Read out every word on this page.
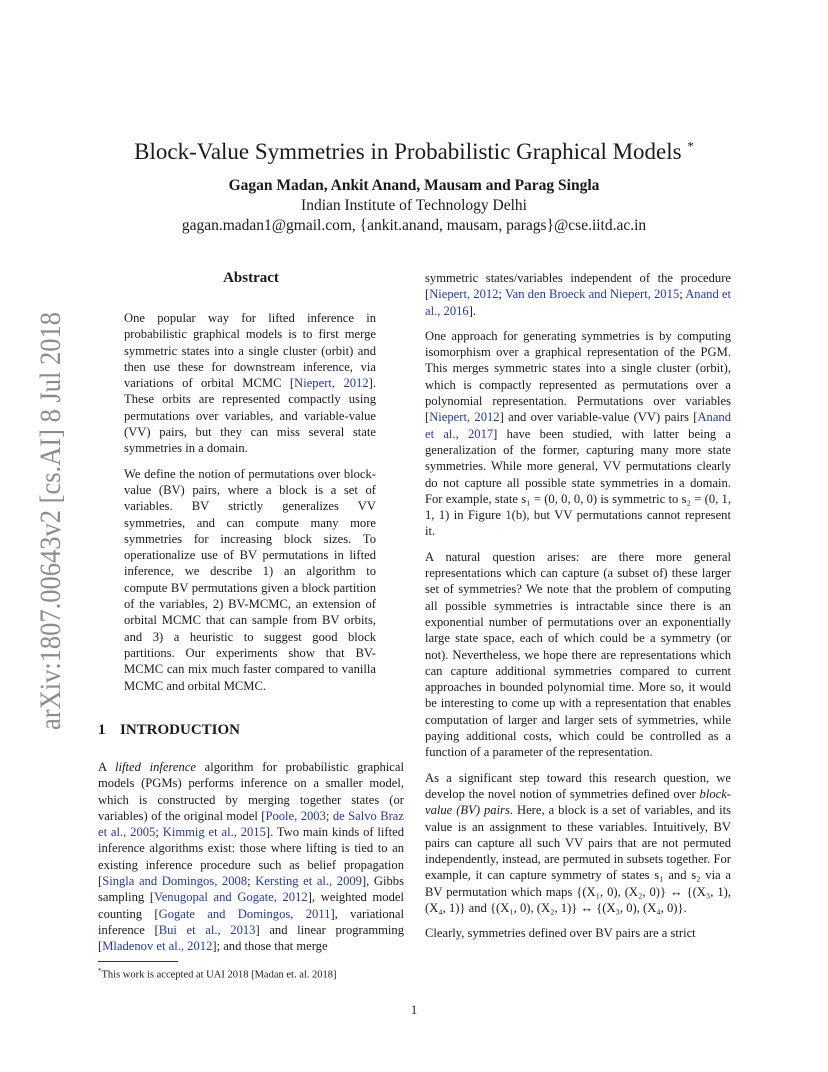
Block-Value Symmetries in Probabilistic Graphical Models *
Gagan Madan, Ankit Anand, Mausam and Parag Singla
Indian Institute of Technology Delhi
gagan.madan1@gmail.com, {ankit.anand, mausam, parags}@cse.iitd.ac.in
arXiv:1807.00643v2 [cs.AI] 8 Jul 2018	Abstract

One popular way for lifted inference in probabilistic graphical models is to first merge symmetric states into a single cluster (orbit) and then use these for downstream inference, via variations of orbital MCMC [Niepert, 2012]. These orbits are represented compactly using permutations over variables, and variable-value (VV) pairs, but they can miss several state symmetries in a domain.

We define the notion of permutations over block-value (BV) pairs, where a block is a set of variables. BV strictly generalizes VV symmetries, and can compute many more symmetries for increasing block sizes. To operationalize use of BV permutations in lifted inference, we describe 1) an algorithm to compute BV permutations given a block partition of the variables, 2) BV-MCMC, an extension of orbital MCMC that can sample from BV orbits, and 3) a heuristic to suggest good block partitions. Our experiments show that BV-MCMC can mix much faster compared to vanilla MCMC and orbital MCMC.

1 INTRODUCTION

A lifted inference algorithm for probabilistic graphical models (PGMs) performs inference on a smaller model, which is constructed by merging together states (or variables) of the original model [Poole, 2003; de Salvo Braz et al., 2005; Kimmig et al., 2015]. Two main kinds of lifted inference algorithms exist: those where lifting is tied to an existing inference procedure such as belief propagation [Singla and Domingos, 2008; Kersting et al., 2009], Gibbs sampling [Venugopal and Gogate, 2012], weighted model counting [Gogate and Domingos, 2011], variational inference [Bui et al., 2013] and linear programming [Mladenov et al., 2012]; and those that merge

symmetric states/variables independent of the procedure [Niepert, 2012; Van den Broeck and Niepert, 2015; Anand et al., 2016].

One approach for generating symmetries is by computing isomorphism over a graphical representation of the PGM. This merges symmetric states into a single cluster (orbit), which is compactly represented as permutations over a polynomial representation. Permutations over variables [Niepert, 2012] and over variable-value (VV) pairs [Anand et al., 2017] have been studied, with latter being a generalization of the former, capturing many more state symmetries. While more general, VV permutations clearly do not capture all possible state symmetries in a domain. For example, state s₁ = (0, 0, 0, 0) is symmetric to s₂ = (0, 1, 1, 1) in Figure 1(b), but VV permutations cannot represent it.

A natural question arises: are there more general representations which can capture (a subset of) these larger set of symmetries? We note that the problem of computing all possible symmetries is intractable since there is an exponential number of permutations over an exponentially large state space, each of which could be a symmetry (or not). Nevertheless, we hope there are representations which can capture additional symmetries compared to current approaches in bounded polynomial time. More so, it would be interesting to come up with a representation that enables computation of larger and larger sets of symmetries, while paying additional costs, which could be controlled as a function of a parameter of the representation.

As a significant step toward this research question, we develop the novel notion of symmetries defined over block-value (BV) pairs. Here, a block is a set of variables, and its value is an assignment to these variables. Intuitively, BV pairs can capture all such VV pairs that are not permuted independently, instead, are permuted in subsets together. For example, it can capture symmetry of states s₁ and s₂ via a BV permutation which maps {(X₁, 0), (X₂, 0)} ↔ {(X₃, 1), (X₄, 1)} and {(X₁, 0), (X₂, 1)} ↔ {(X₃, 0), (X₄, 0)}.

Clearly, symmetries defined over BV pairs are a strict

*This work is accepted at UAI 2018 [Madan et. al. 2018]
1
